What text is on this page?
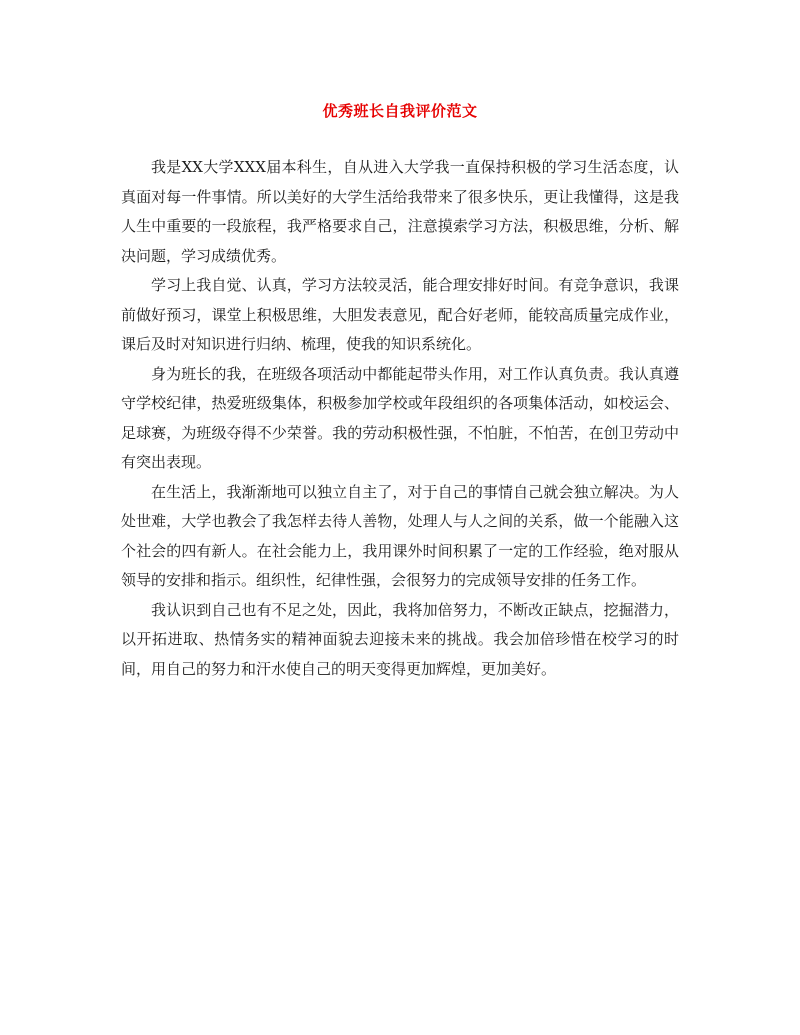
优秀班长自我评价范文

我是XX大学XXX届本科生，自从进入大学我一直保持积极的学习生活态度，认真面对每一件事情。所以美好的大学生活给我带来了很多快乐，更让我懂得，这是我人生中重要的一段旅程，我严格要求自己，注意摸索学习方法，积极思维，分析、解决问题，学习成绩优秀。

学习上我自觉、认真，学习方法较灵活，能合理安排好时间。有竞争意识，我课前做好预习，课堂上积极思维，大胆发表意见，配合好老师，能较高质量完成作业，课后及时对知识进行归纳、梳理，使我的知识系统化。

身为班长的我，在班级各项活动中都能起带头作用，对工作认真负责。我认真遵守学校纪律，热爱班级集体，积极参加学校或年段组织的各项集体活动，如校运会、足球赛，为班级夺得不少荣誉。我的劳动积极性强，不怕脏，不怕苦，在创卫劳动中有突出表现。

在生活上，我渐渐地可以独立自主了，对于自己的事情自己就会独立解决。为人处世难，大学也教会了我怎样去待人善物，处理人与人之间的关系，做一个能融入这个社会的四有新人。在社会能力上，我用课外时间积累了一定的工作经验，绝对服从领导的安排和指示。组织性，纪律性强，会很努力的完成领导安排的任务工作。

我认识到自己也有不足之处，因此，我将加倍努力，不断改正缺点，挖掘潜力，以开拓进取、热情务实的精神面貌去迎接未来的挑战。我会加倍珍惜在校学习的时间，用自己的努力和汗水使自己的明天变得更加辉煌，更加美好。
